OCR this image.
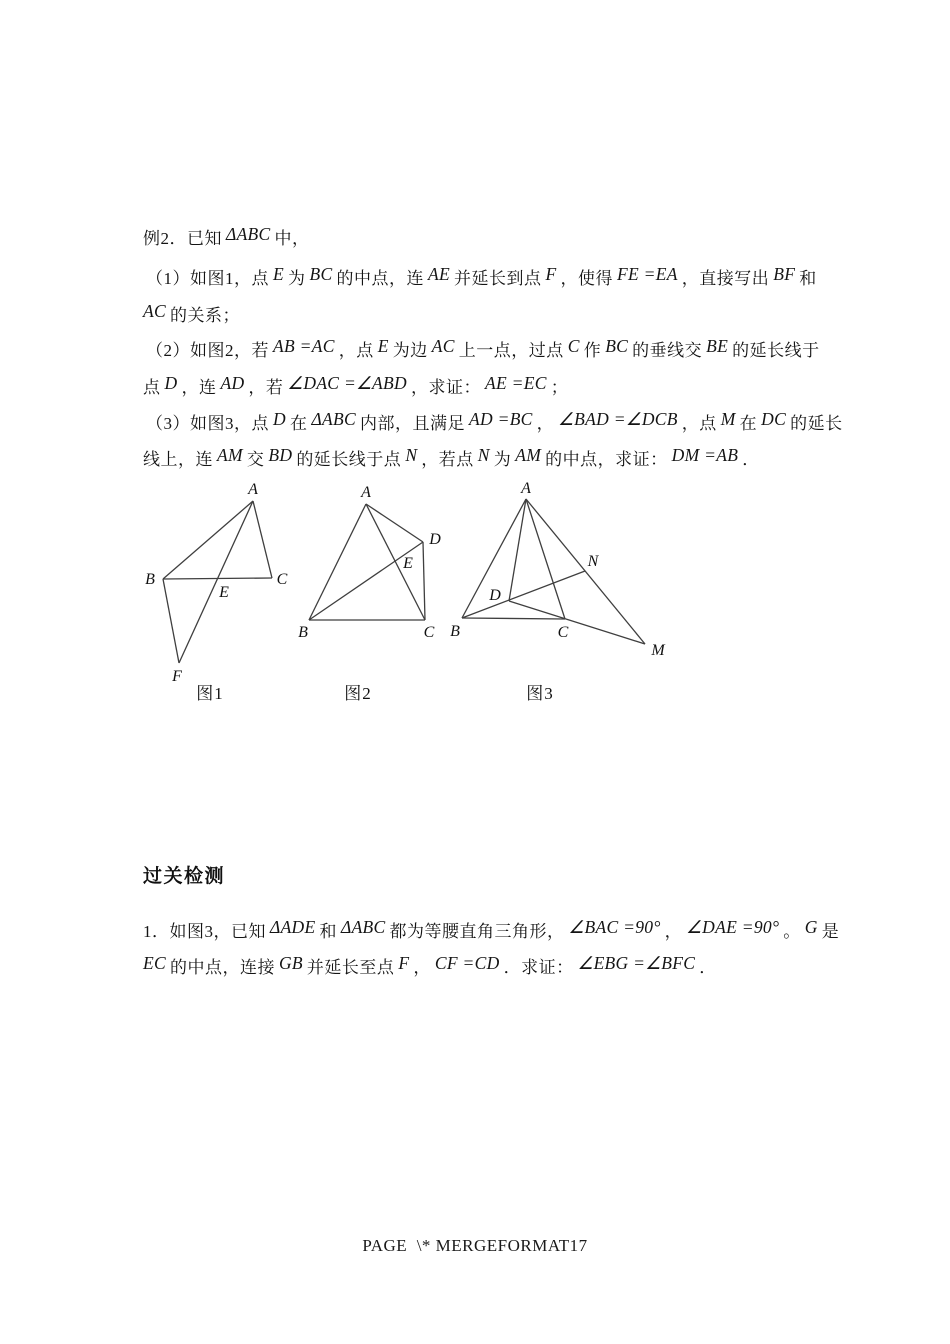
例2．已知 ΔABC 中，
（1）如图1，点 E 为 BC 的中点，连 AE 并延长到点 F ，使得 FE =EA ，直接写出 BF 和
AC 的关系；
（2）如图2，若 AB =AC ，点 E 为边 AC 上一点，过点 C 作 BC 的垂线交 BE 的延长线于
点 D ，连 AD ，若 ∠DAC =∠ABD ，求证： AE =EC ；
（3）如图3，点 D 在 ΔABC 内部，且满足 AD =BC ， ∠BAD =∠DCB ，点 M 在 DC 的延长
线上，连 AM 交 BD 的延长线于点 N ，若点 N 为 AM 的中点，求证： DM =AB ．
A
B	C
E
F
图1
A
B	C
D
E
图2
A
B	C
D
N
M
图3
过关检测
1．如图3，已知 ΔADE 和 ΔABC 都为等腰直角三角形， ∠BAC =90° ， ∠DAE =90° 。 G 是
EC 的中点，连接 GB 并延长至点 F ， CF =CD ．求证： ∠EBG =∠BFC ．
PAGE  \* MERGEFORMAT17
